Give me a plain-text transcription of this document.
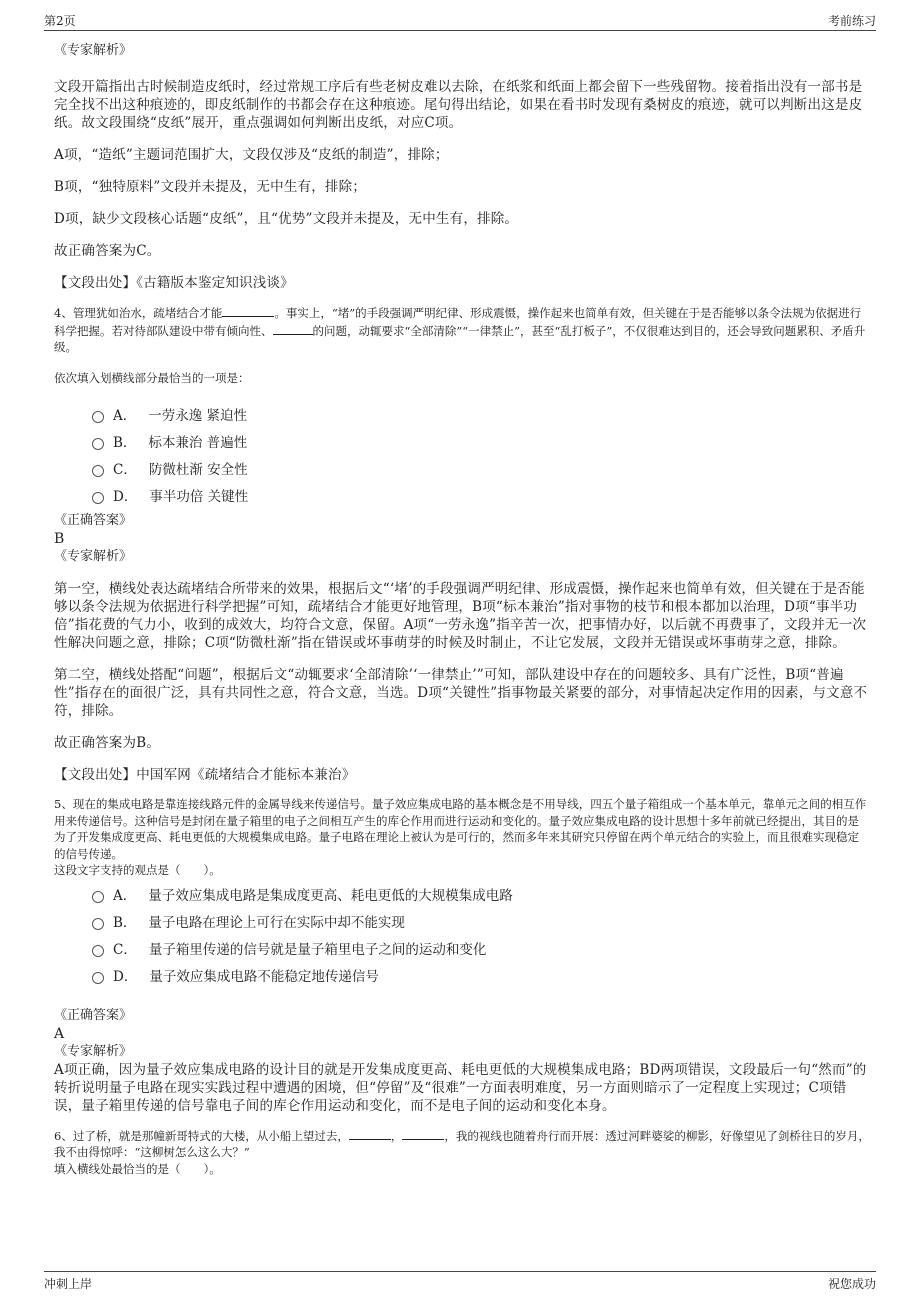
第2页	考前练习

《专家解析》

文段开篇指出古时候制造皮纸时，经过常规工序后有些老树皮难以去除，在纸浆和纸面上都会留下一些残留物。接着指出没有一部书是完全找不出这种痕迹的，即皮纸制作的书都会存在这种痕迹。尾句得出结论，如果在看书时发现有桑树皮的痕迹，就可以判断出这是皮纸。故文段围绕“皮纸”展开，重点强调如何判断出皮纸，对应C项。

A项，“造纸”主题词范围扩大，文段仅涉及“皮纸的制造”，排除；

B项，“独特原料”文段并未提及，无中生有，排除；

D项，缺少文段核心话题“皮纸”，且“优势”文段并未提及，无中生有，排除。

故正确答案为C。

【文段出处】《古籍版本鉴定知识浅谈》

4、管理犹如治水，疏堵结合才能	。事实上，“堵”的手段强调严明纪律、形成震慑，操作起来也简单有效，但关键在于是否能够以条令法规为依据进行科学把握。若对待部队建设中带有倾向性、	的问题，动辄要求“全部清除”“一律禁止”，甚至“乱打板子”，不仅很难达到目的，还会导致问题累积、矛盾升级。

依次填入划横线部分最恰当的一项是：

A． 一劳永逸 紧迫性
B． 标本兼治 普遍性
C． 防微杜渐 安全性
D． 事半功倍 关键性

《正确答案》

B

《专家解析》

第一空，横线处表达疏堵结合所带来的效果，根据后文“‘堵’的手段强调严明纪律、形成震慑，操作起来也简单有效，但关键在于是否能够以条令法规为依据进行科学把握”可知，疏堵结合才能更好地管理，B项“标本兼治”指对事物的枝节和根本都加以治理，D项“事半功倍”指花费的气力小，收到的成效大，均符合文意，保留。A项“一劳永逸”指辛苦一次，把事情办好，以后就不再费事了，文段并无一次性解决问题之意，排除；C项“防微杜渐”指在错误或坏事萌芽的时候及时制止，不让它发展，文段并无错误或坏事萌芽之意，排除。

第二空，横线处搭配“问题”，根据后文“动辄要求‘全部清除’‘一律禁止’”可知，部队建设中存在的问题较多、具有广泛性，B项“普遍性”指存在的面很广泛，具有共同性之意，符合文意，当选。D项“关键性”指事物最关紧要的部分，对事情起决定作用的因素，与文意不符，排除。

故正确答案为B。

【文段出处】中国军网《疏堵结合才能标本兼治》

5、现在的集成电路是靠连接线路元件的金属导线来传递信号。量子效应集成电路的基本概念是不用导线，四五个量子箱组成一个基本单元，靠单元之间的相互作用来传递信号。这种信号是封闭在量子箱里的电子之间相互产生的库仑作用而进行运动和变化的。量子效应集成电路的设计思想十多年前就已经提出，其目的是为了开发集成度更高、耗电更低的大规模集成电路。量子电路在理论上被认为是可行的，然而多年来其研究只停留在两个单元结合的实验上，而且很难实现稳定的信号传递。

这段文字支持的观点是（　　）。

A． 量子效应集成电路是集成度更高、耗电更低的大规模集成电路
B． 量子电路在理论上可行在实际中却不能实现
C． 量子箱里传递的信号就是量子箱里电子之间的运动和变化
D． 量子效应集成电路不能稳定地传递信号

《正确答案》

A

《专家解析》

A项正确，因为量子效应集成电路的设计目的就是开发集成度更高、耗电更低的大规模集成电路；BD两项错误，文段最后一句“然而”的转折说明量子电路在现实实践过程中遭遇的困境，但“停留”及“很难”一方面表明难度，另一方面则暗示了一定程度上实现过；C项错误，量子箱里传递的信号靠电子间的库仑作用运动和变化，而不是电子间的运动和变化本身。

6、过了桥，就是那幢新哥特式的大楼，从小船上望过去，	，	，我的视线也随着舟行而开展：透过河畔婆娑的柳影，好像望见了剑桥往日的岁月，我不由得惊呼：“这柳树怎么这么大？”

填入横线处最恰当的是（　　）。

冲刺上岸	祝您成功
